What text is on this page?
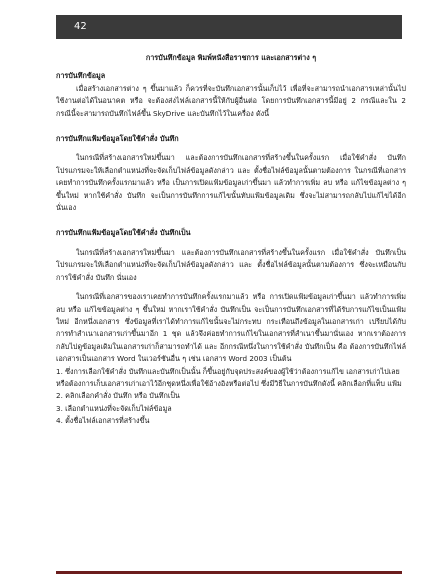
42

การบันทึกข้อมูล พิมพ์หนังสือราชการ และเอกสารต่าง ๆ

การบันทึกข้อมูล

เมื่อสร้างเอกสารต่าง ๆ ขึ้นมาแล้ว ก็ควรที่จะบันทึกเอกสารนั้นเก็บไว้ เพื่อที่จะสามารถนำเอกสารเหล่านั้นไปใช้งานต่อได้ในอนาคต หรือ จะต้องส่งไฟล์เอกสารนี้ให้กับผู้อื่นต่อ โดยการบันทึกเอกสารนี้มีอยู่ 2 กรณีและใน 2 กรณีนี้จะสามารถบันทึกไฟล์ขึ้น SkyDrive และบันทึกไว้ในเครื่อง ดังนี้

การบันทึกแฟ้มข้อมูลโดยใช้คำสั่ง บันทึก

ในกรณีที่สร้างเอกสารใหม่ขึ้นมา และต้องการบันทึกเอกสารที่สร้างขึ้นในครั้งแรก เมื่อใช้คำสั่ง บันทึก โปรแกรมจะให้เลือกตำแหน่งที่จะจัดเก็บไฟล์ข้อมูลดังกล่าว และ ตั้งชื่อไฟล์ข้อมูลนั้นตามต้องการ ในกรณีที่เอกสารเคยทำการบันทึกครั้งแรกมาแล้ว หรือ เป็นการเปิดแฟ้มข้อมูลเก่าขึ้นมา แล้วทำการเพิ่ม ลบ หรือ แก้ไขข้อมูลต่าง ๆ ขึ้นใหม่ หากใช้คำสั่ง บันทึก จะเป็นการบันทึกการแก้ไขนั้นทับแฟ้มข้อมูลเดิม ซึ่งจะไม่สามารถกลับไปแก้ไขได้อีกนั่นเอง

การบันทึกแฟ้มข้อมูลโดยใช้คำสั่ง บันทึกเป็น

ในกรณีที่สร้างเอกสารใหม่ขึ้นมา และต้องการบันทึกเอกสารที่สร้างขึ้นในครั้งแรก เมื่อใช้คำสั่ง บันทึกเป็น โปรแกรมจะให้เลือกตำแหน่งที่จะจัดเก็บไฟล์ข้อมูลดังกล่าว และ ตั้งชื่อไฟล์ข้อมูลนั้นตามต้องการ ซึ่งจะเหมือนกับการใช้คำสั่ง บันทึก นั่นเอง

ในกรณีที่เอกสารของเราเคยทำการบันทึกครั้งแรกมาแล้ว หรือ การเปิดแฟ้มข้อมูลเก่าขึ้นมา แล้วทำการเพิ่ม ลบ หรือ แก้ไขข้อมูลต่าง ๆ ขึ้นใหม่ หากเราใช้คำสั่ง บันทึกเป็น จะเป็นการบันทึกเอกสารที่ได้รับการแก้ไขเป็นแฟ้มใหม่ อีกหนึ่งเอกสาร ซึ่งข้อมูลที่เราได้ทำการแก้ไขนั้นจะไม่กระทบ กระเทือนถึงข้อมูลในเอกสารเก่า เปรียบได้กับการทำสำเนาเอกสารเก่าขึ้นมาอีก 1 ชุด แล้วจึงค่อยทำการแก้ไขในเอกสารที่สำเนาขึ้นมานั่นเอง หากเราต้องการกลับไปดูข้อมูลเดิมในเอกสารเก่าก็สามารถทำได้ และ อีกกรณีหนึ่งในการใช้คำสั่ง บันทึกเป็น คือ ต้องการบันทึกไฟล์เอกสารเป็นเอกสาร Word ในเวอร์ชันอื่น ๆ เช่น เอกสาร Word 2003 เป็นต้น

1. ซึ่งการเลือกใช้คำสั่ง บันทึกและบันทึกเป็นนั้น ก็ขึ้นอยู่กับจุดประสงค์ของผู้ใช้ว่าต้องการแก้ไข เอกสารเก่าไปเลย หรือต้องการเก็บเอกสารเก่าเอาไว้อีกชุดหนึ่งเพื่อใช้อ้างอิงหรือต่อไป ซึ่งมีวิธีในการบันทึกดังนี้ คลิกเลือกที่แท็บ แฟ้ม

2. คลิกเลือกคำสั่ง บันทึก หรือ บันทึกเป็น

3. เลือกตำแหน่งที่จะจัดเก็บไฟล์ข้อมูล

4. ตั้งชื่อไฟล์เอกสารที่สร้างขึ้น
